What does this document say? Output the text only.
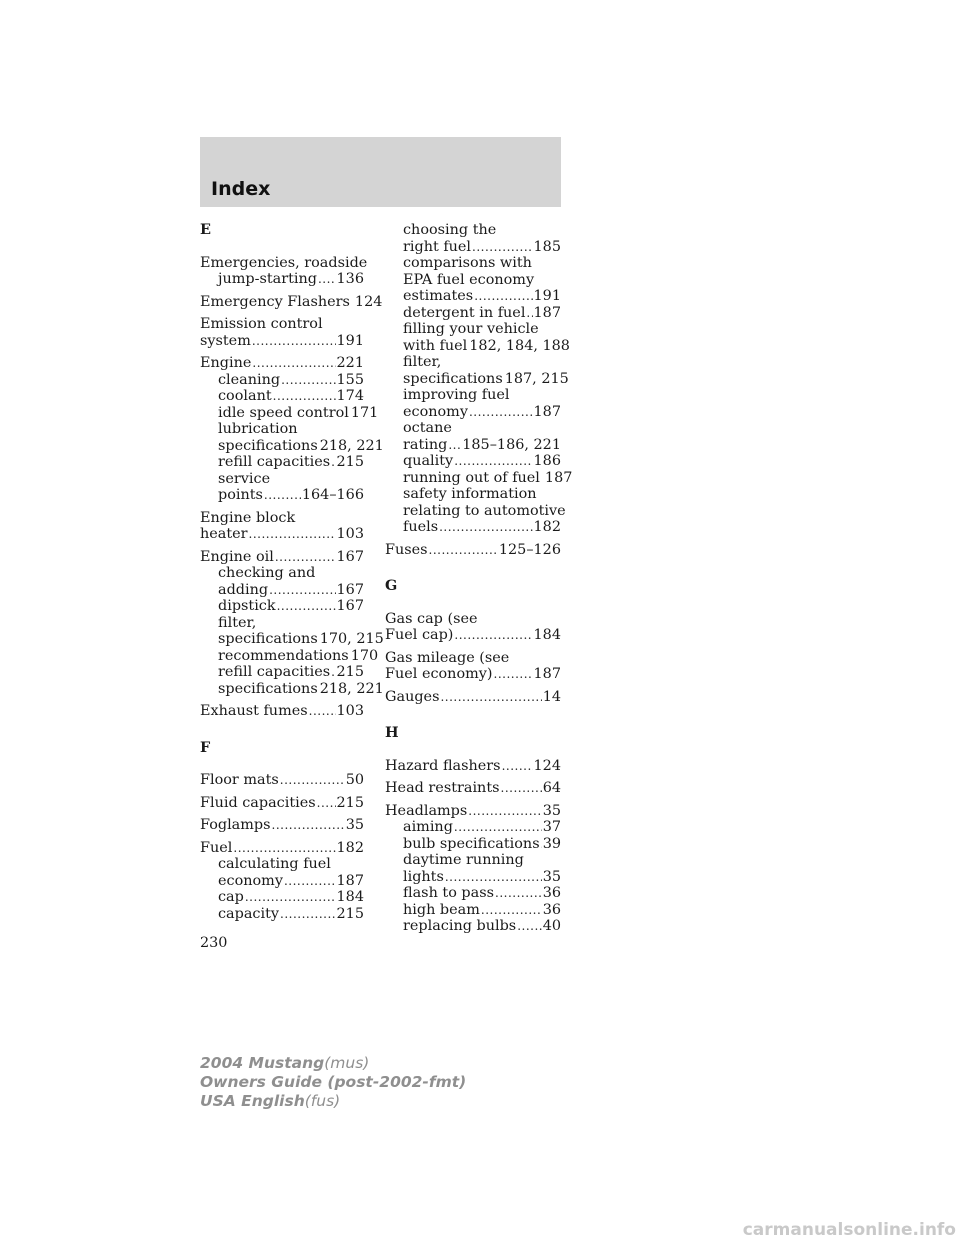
Index
E
Emergencies, roadside
jump-starting ..... 136
Emergency Flashers 124
Emission control
system .....	191
Engine .....	221
cleaning .....	155
coolant .....	174
idle speed control 171
lubrication
specifications 218, 221
refill capacities ..... 215
service
points .....	164–166
Engine block
heater .....	103
Engine oil .....	167
checking and
adding .....	167
dipstick .....	167
filter,
specifications 170, 215
recommendations 170
refill capacities ..... 215
specifications 218, 221
Exhaust fumes ..... 103
F
Floor mats .....	50
Fluid capacities ..... 215
Foglamps .....	35
Fuel .....	182
calculating fuel
economy .....	187
cap .....	184
capacity .....	215
choosing the
right fuel .....	185
comparisons with
EPA fuel economy
estimates .....	191
detergent in fuel ..... 187
filling your vehicle
with fuel 182, 184, 188
filter,
specifications 187, 215
improving fuel
economy .....	187
octane
rating ..... 185–186, 221
quality .....	186
running out of fuel 187
safety information
relating to automotive
fuels .....	182
Fuses .....	125–126
G
Gas cap (see
Fuel cap) .....	184
Gas mileage (see
Fuel economy) .....	187
Gauges .....	14
H
Hazard flashers ..... 124
Head restraints .....	64
Headlamps .....	35
aiming .....	37
bulb specifications ..... 39
daytime running
lights .....	35
flash to pass .....	36
high beam .....	36
replacing bulbs ..... 40
230
2004 Mustang(mus)
Owners Guide (post-2002-fmt)
USA English(fus)
carmanualsonline.info
